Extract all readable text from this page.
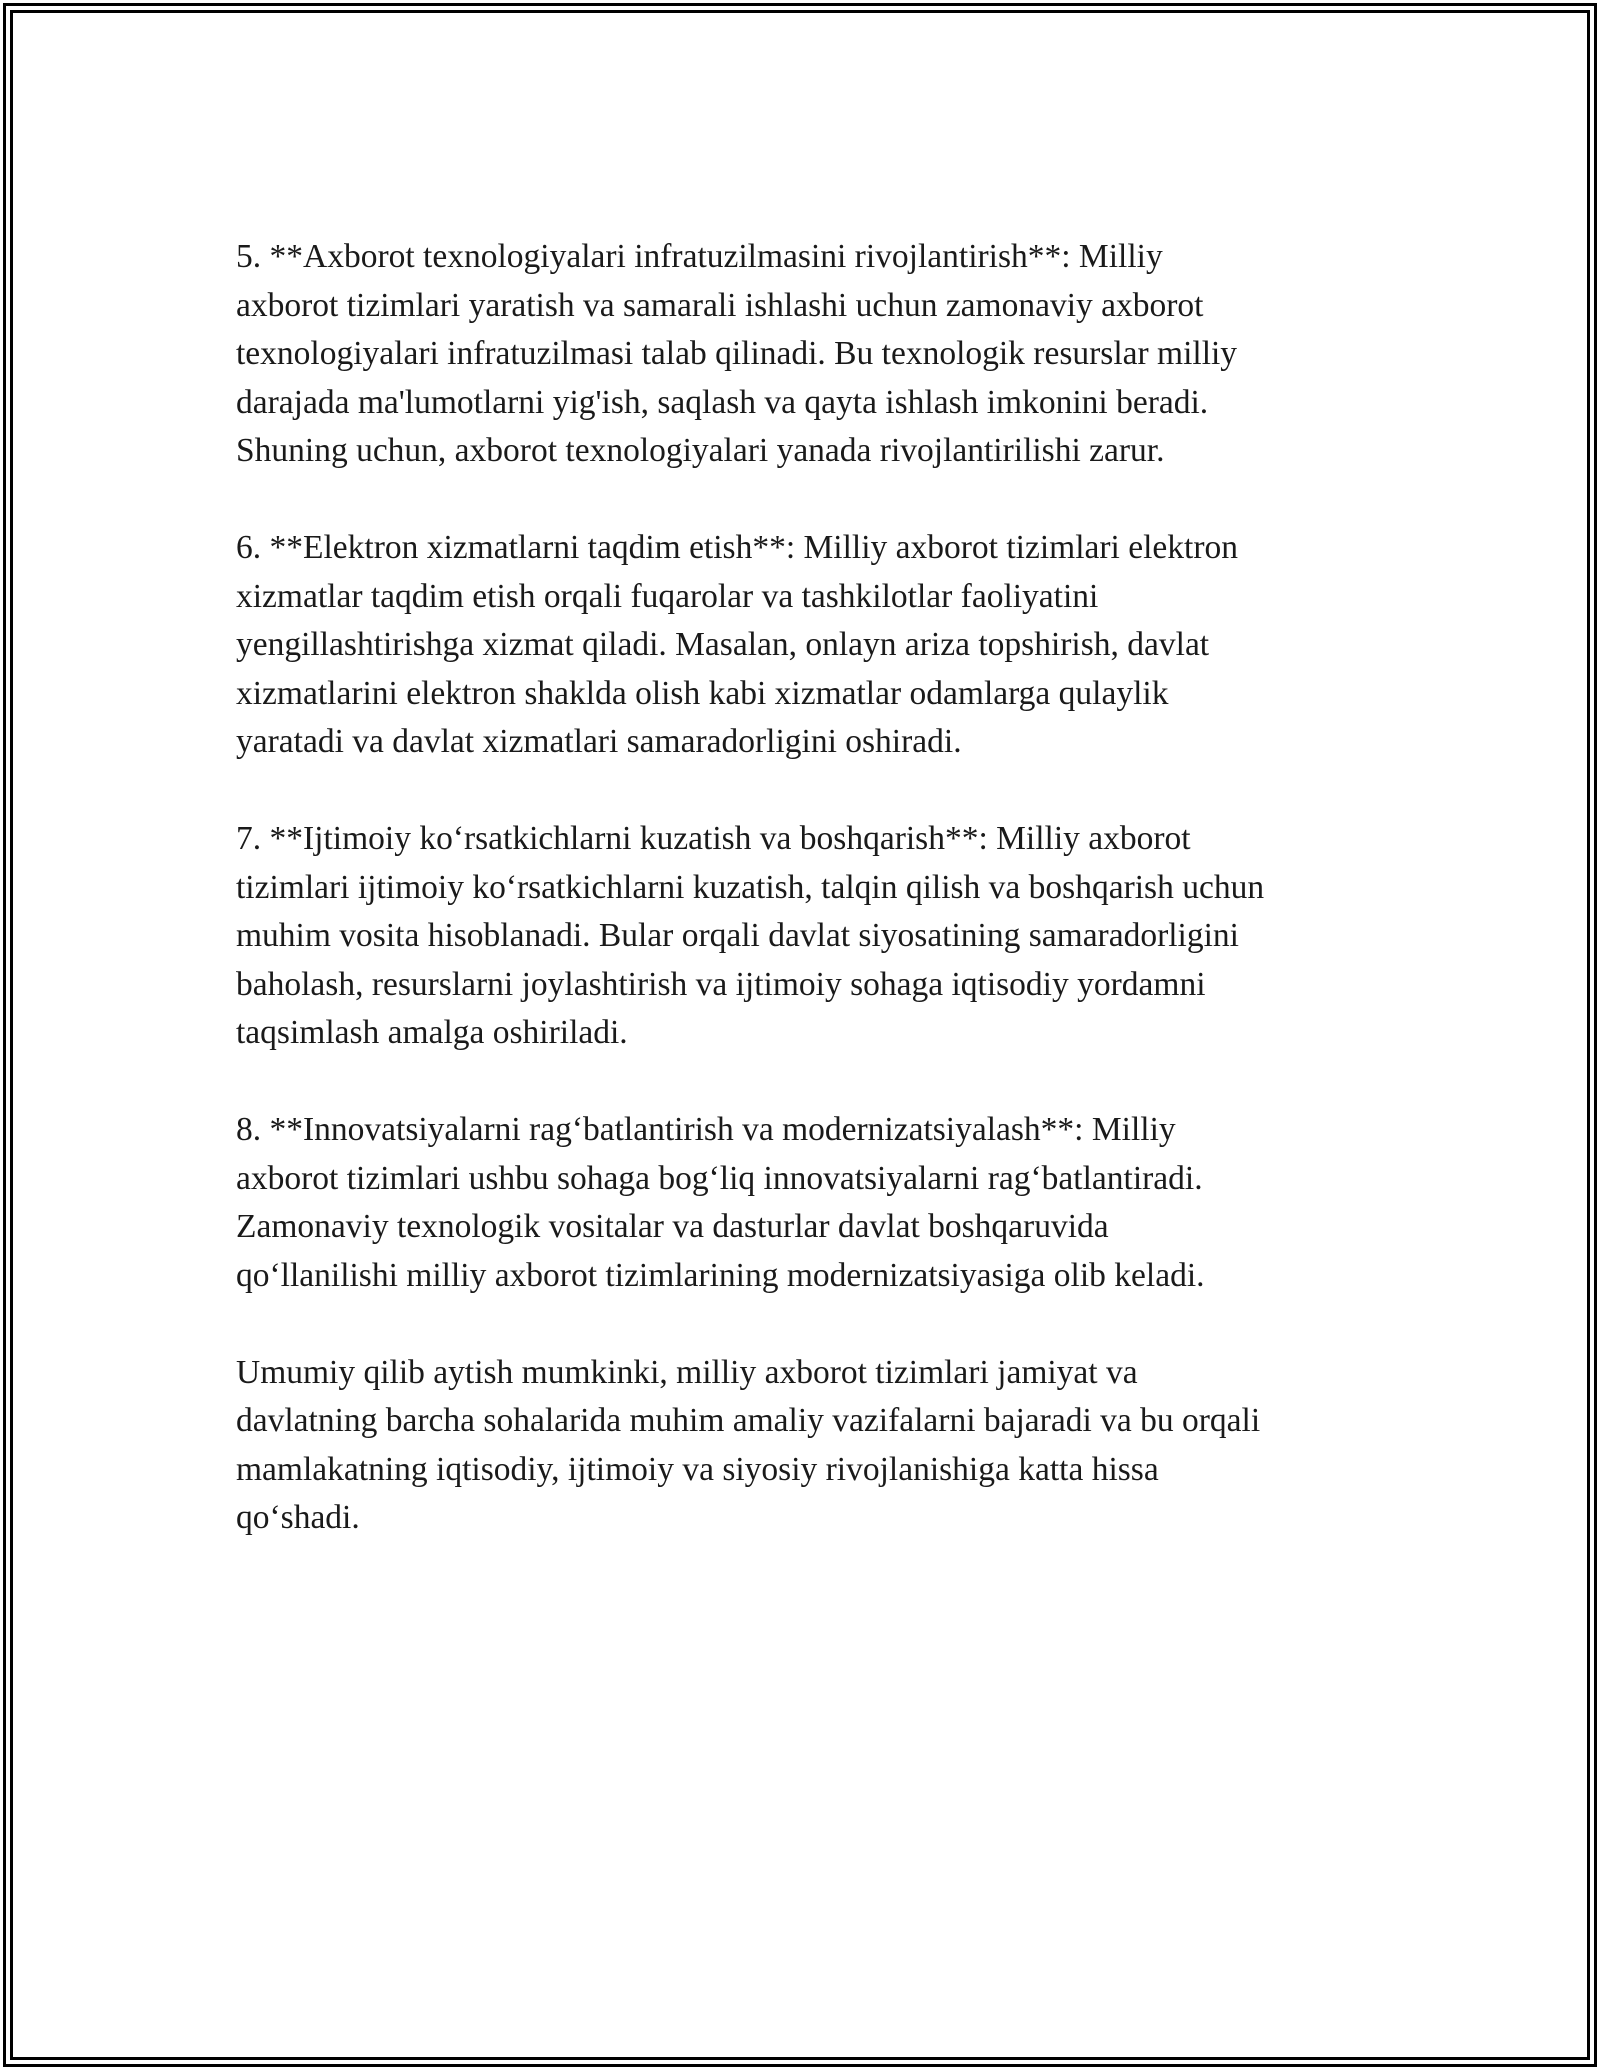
5. **Axborot texnologiyalari infratuzilmasini rivojlantirish**: Milliy
axborot tizimlari yaratish va samarali ishlashi uchun zamonaviy axborot
texnologiyalari infratuzilmasi talab qilinadi. Bu texnologik resurslar milliy
darajada ma'lumotlarni yig'ish, saqlash va qayta ishlash imkonini beradi.
Shuning uchun, axborot texnologiyalari yanada rivojlantirilishi zarur.

6. **Elektron xizmatlarni taqdim etish**: Milliy axborot tizimlari elektron
xizmatlar taqdim etish orqali fuqarolar va tashkilotlar faoliyatini
yengillashtirishga xizmat qiladi. Masalan, onlayn ariza topshirish, davlat
xizmatlarini elektron shaklda olish kabi xizmatlar odamlarga qulaylik
yaratadi va davlat xizmatlari samaradorligini oshiradi.

7. **Ijtimoiy ko‘rsatkichlarni kuzatish va boshqarish**: Milliy axborot
tizimlari ijtimoiy ko‘rsatkichlarni kuzatish, talqin qilish va boshqarish uchun
muhim vosita hisoblanadi. Bular orqali davlat siyosatining samaradorligini
baholash, resurslarni joylashtirish va ijtimoiy sohaga iqtisodiy yordamni
taqsimlash amalga oshiriladi.

8. **Innovatsiyalarni rag‘batlantirish va modernizatsiyalash**: Milliy
axborot tizimlari ushbu sohaga bog‘liq innovatsiyalarni rag‘batlantiradi.
Zamonaviy texnologik vositalar va dasturlar davlat boshqaruvida
qo‘llanilishi milliy axborot tizimlarining modernizatsiyasiga olib keladi.

Umumiy qilib aytish mumkinki, milliy axborot tizimlari jamiyat va
davlatning barcha sohalarida muhim amaliy vazifalarni bajaradi va bu orqali
mamlakatning iqtisodiy, ijtimoiy va siyosiy rivojlanishiga katta hissa
qo‘shadi.
